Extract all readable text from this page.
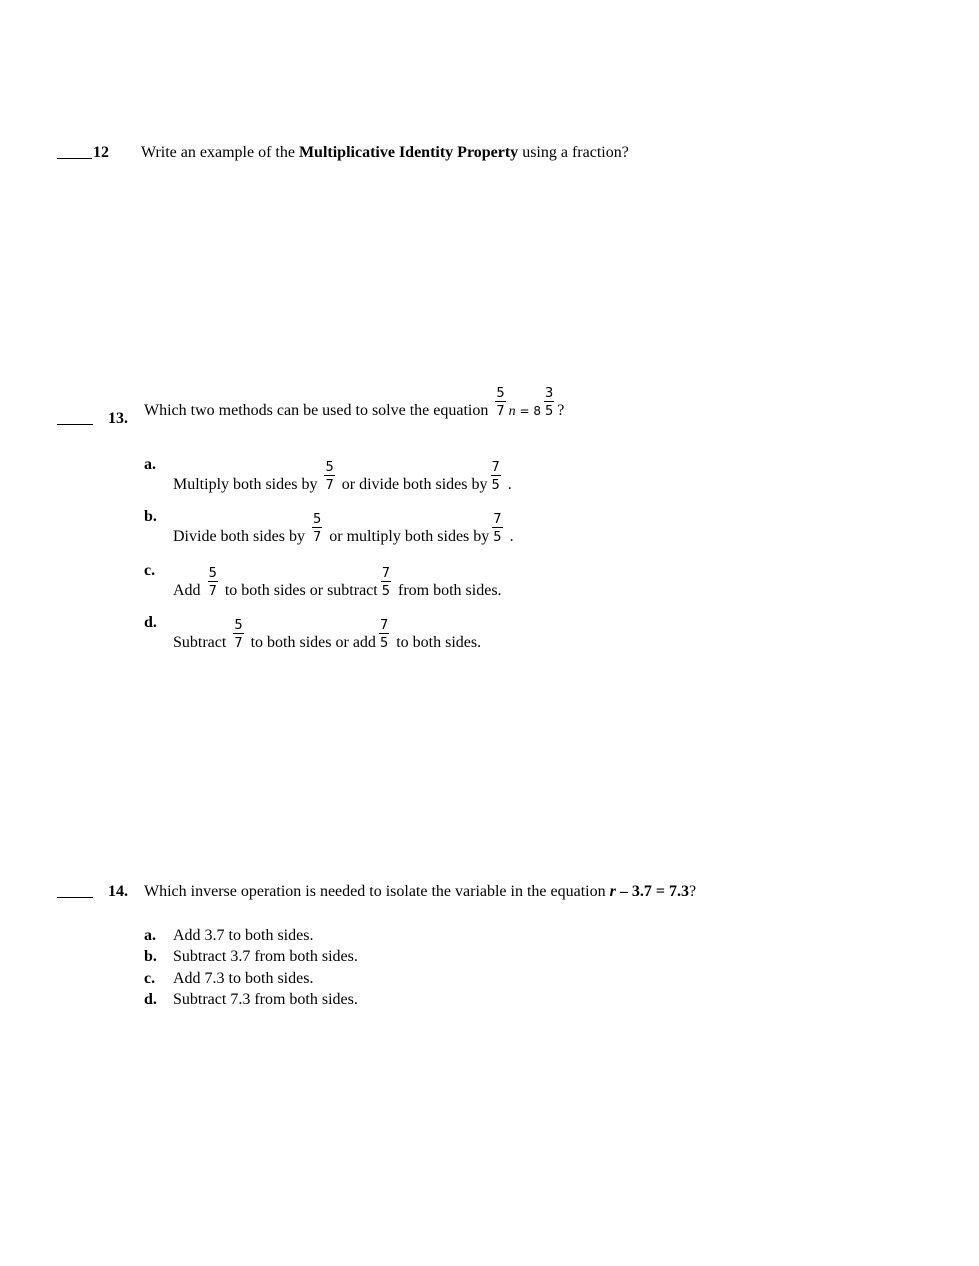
12 Write an example of the Multiplicative Identity Property using a fraction?
13. Which two methods can be used to solve the equation $\frac{5}{7}$ $n = 8 \frac{3}{5}$ ?
a.
Multiply both sides by $\frac{5}{7}$ or divide both sides by $\frac{7}{5}$ .
b.
Divide both sides by $\frac{5}{7}$ or multiply both sides by $\frac{7}{5}$ .
c.
Add $\frac{5}{7}$ to both sides or subtract $\frac{7}{5}$ from both sides.
d.
Subtract $\frac{5}{7}$ to both sides or add $\frac{7}{5}$ to both sides.
14. Which inverse operation is needed to isolate the variable in the equation r – 3.7 = 7.3?
a. Add 3.7 to both sides.
b. Subtract 3.7 from both sides.
c. Add 7.3 to both sides.
d. Subtract 7.3 from both sides.
